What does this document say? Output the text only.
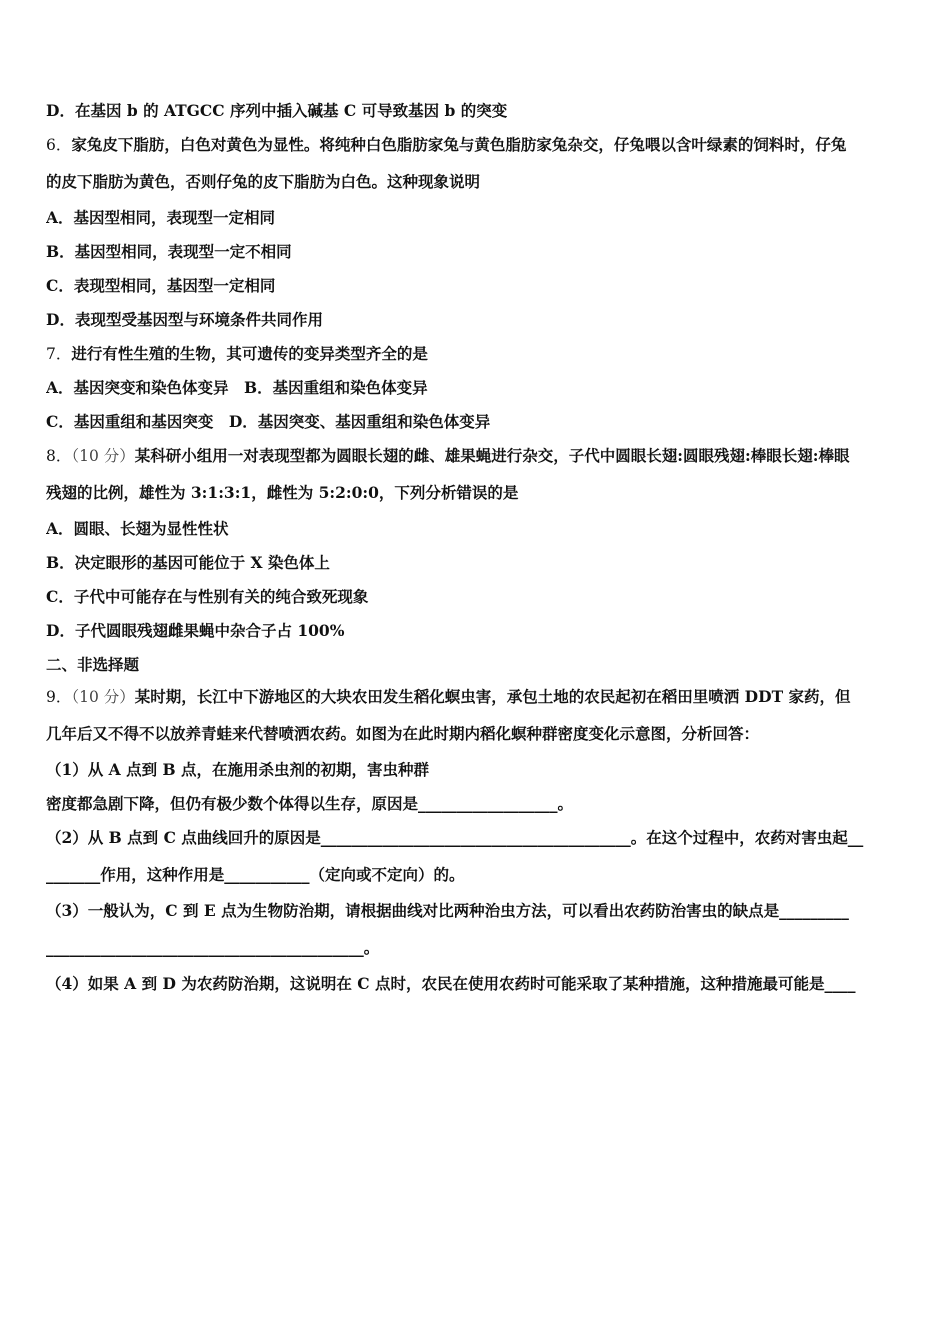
D．在基因 b 的 ATGCC 序列中插入碱基 C 可导致基因 b 的突变
6．家兔皮下脂肪，白色对黄色为显性。将纯种白色脂肪家兔与黄色脂肪家兔杂交，仔兔喂以含叶绿素的饲料时，仔兔
的皮下脂肪为黄色，否则仔兔的皮下脂肪为白色。这种现象说明
A．基因型相同，表现型一定相同
B．基因型相同，表现型一定不相同
C．表现型相同，基因型一定相同
D．表现型受基因型与环境条件共同作用
7．进行有性生殖的生物，其可遗传的变异类型齐全的是
A．基因突变和染色体变异　B．基因重组和染色体变异
C．基因重组和基因突变　D．基因突变、基因重组和染色体变异
8．（10 分）某科研小组用一对表现型都为圆眼长翅的雌、雄果蝇进行杂交，子代中圆眼长翅:圆眼残翅:棒眼长翅:棒眼
残翅的比例，雄性为 3:1:3:1，雌性为 5:2:0:0，下列分析错误的是
A．圆眼、长翅为显性性状
B．决定眼形的基因可能位于 X 染色体上
C．子代中可能存在与性别有关的纯合致死现象
D．子代圆眼残翅雌果蝇中杂合子占 100%
二、非选择题
9．（10 分）某时期，长江中下游地区的大块农田发生稻化螟虫害，承包土地的农民起初在稻田里喷洒 DDT 家药，但
几年后又不得不以放养青蛙来代替喷洒农药。如图为在此时期内稻化螟种群密度变化示意图，分析回答：
（1）从 A 点到 B 点，在施用杀虫剂的初期，害虫种群
密度都急剧下降，但仍有极少数个体得以生存，原因是__________________。
（2）从 B 点到 C 点曲线回升的原因是________________________________________。在这个过程中，农药对害虫起__
_______作用，这种作用是___________（定向或不定向）的。
（3）一般认为，C 到 E 点为生物防治期，请根据曲线对比两种治虫方法，可以看出农药防治害虫的缺点是_________
_________________________________________。
（4）如果 A 到 D 为农药防治期，这说明在 C 点时，农民在使用农药时可能采取了某种措施，这种措施最可能是____
